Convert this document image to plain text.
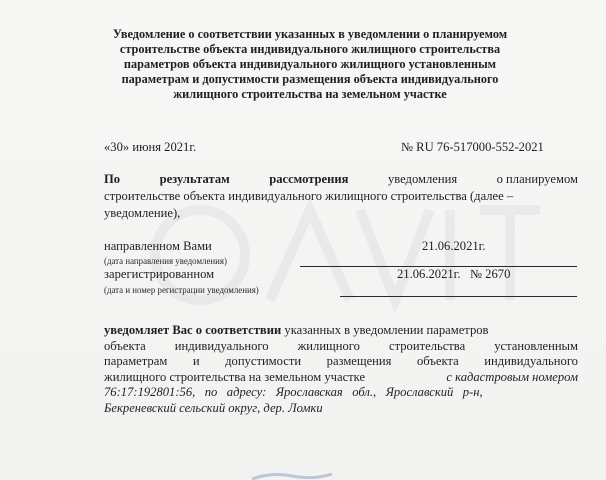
Уведомление о соответствии указанных в уведомлении о планируемом
строительстве объекта индивидуального жилищного строительства
параметров объекта индивидуального жилищного установленным
параметрам и допустимости размещения объекта индивидуального
жилищного строительства на земельном участке
«30» июня 2021г.	№ RU 76-517000-552-2021
По	результатам	рассмотрения	уведомления	о планируемом
строительстве объекта индивидуального жилищного строительства (далее –
уведомление),
направленном Вами	21.06.2021г.
(дата направления уведомления)
зарегистрированном	21.06.2021г.   № 2670
(дата и номер регистрации уведомления)
уведомляет Вас о соответствии указанных в уведомлении параметров
объекта индивидуального жилищного строительства установленным
параметрам и допустимости размещения объекта индивидуального
жилищного строительства на земельном участке	с кадастровым номером
76:17:192801:56,   по   адресу:   Ярославская   обл.,   Ярославский   р-н,
Бекреневский сельский округ, дер. Ломки
